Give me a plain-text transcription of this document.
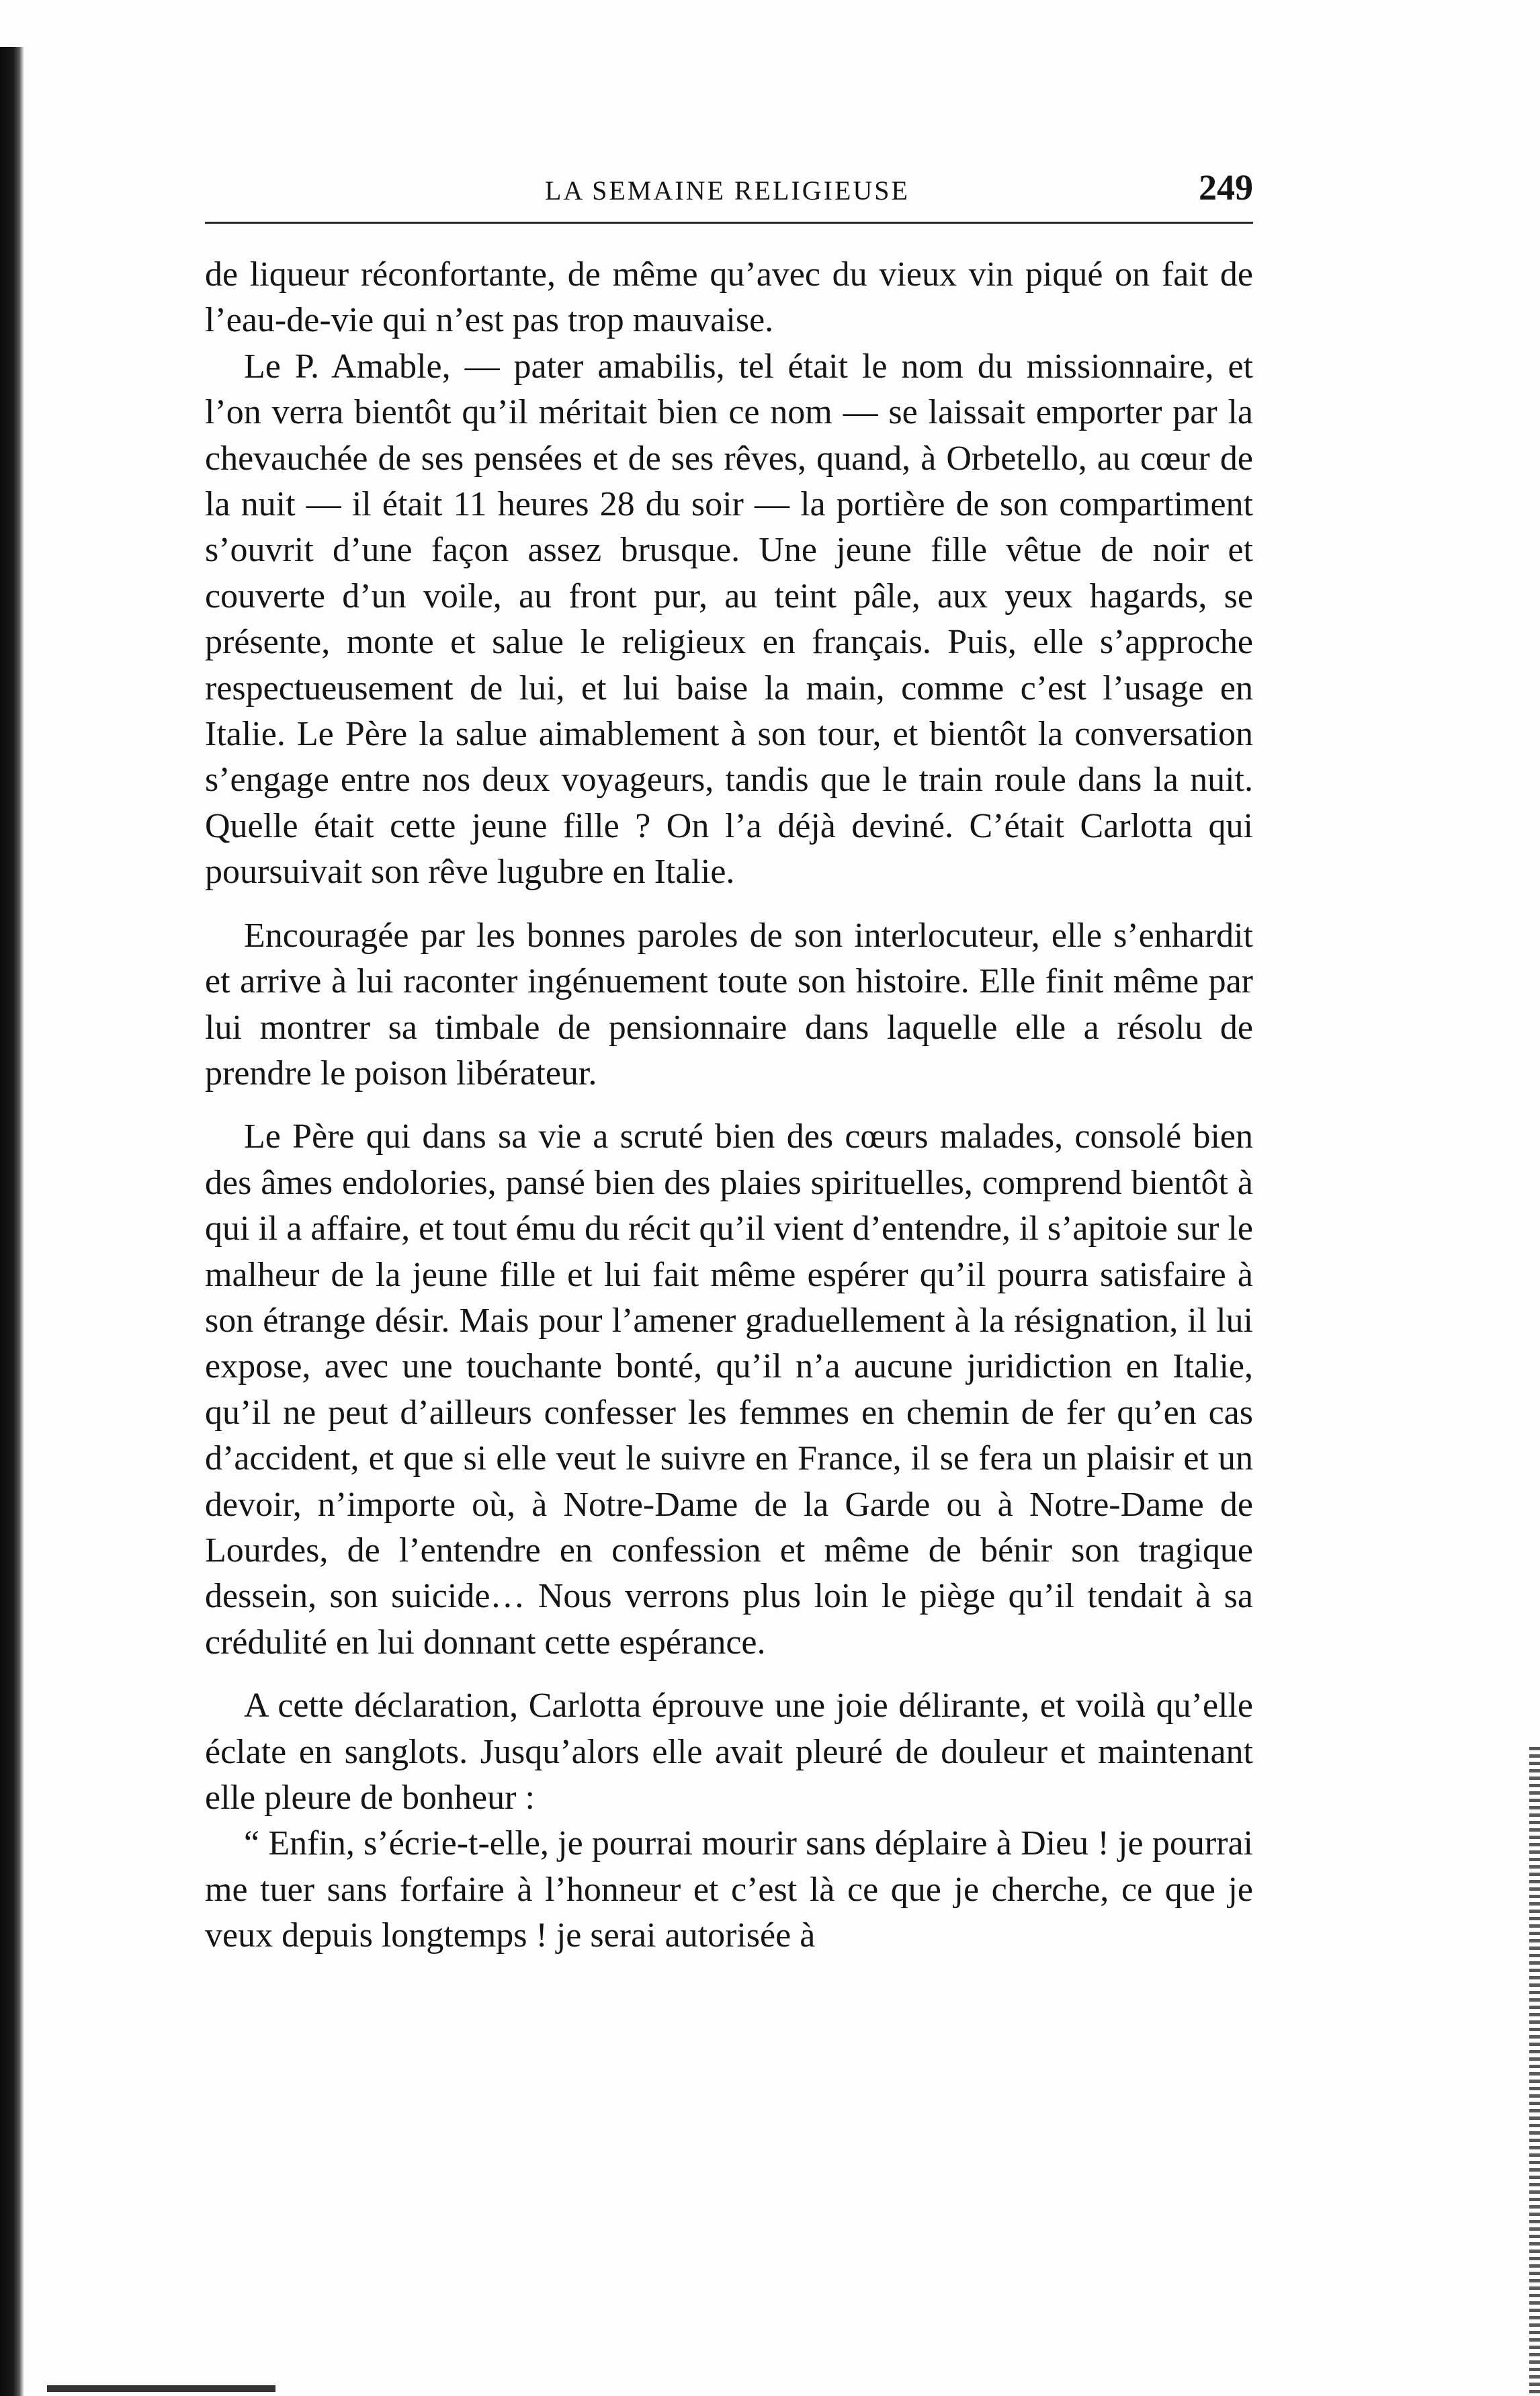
LA SEMAINE RELIGIEUSE	249

de liqueur réconfortante, de même qu’avec du vieux vin piqué on fait de l’eau-de-vie qui n’est pas trop mauvaise.

Le P. Amable, — pater amabilis, tel était le nom du missionnaire, et l’on verra bientôt qu’il méritait bien ce nom — se laissait emporter par la chevauchée de ses pensées et de ses rêves, quand, à Orbetello, au cœur de la nuit — il était 11 heures 28 du soir — la portière de son compartiment s’ouvrit d’une façon assez brusque. Une jeune fille vêtue de noir et couverte d’un voile, au front pur, au teint pâle, aux yeux hagards, se présente, monte et salue le religieux en français. Puis, elle s’approche respectueusement de lui, et lui baise la main, comme c’est l’usage en Italie. Le Père la salue aimablement à son tour, et bientôt la conversation s’engage entre nos deux voyageurs, tandis que le train roule dans la nuit. Quelle était cette jeune fille ? On l’a déjà deviné. C’était Carlotta qui poursuivait son rêve lugubre en Italie.

Encouragée par les bonnes paroles de son interlocuteur, elle s’enhardit et arrive à lui raconter ingénuement toute son histoire. Elle finit même par lui montrer sa timbale de pensionnaire dans laquelle elle a résolu de prendre le poison libérateur.

Le Père qui dans sa vie a scruté bien des cœurs malades, consolé bien des âmes endolories, pansé bien des plaies spirituelles, comprend bientôt à qui il a affaire, et tout ému du récit qu’il vient d’entendre, il s’apitoie sur le malheur de la jeune fille et lui fait même espérer qu’il pourra satisfaire à son étrange désir. Mais pour l’amener graduellement à la résignation, il lui expose, avec une touchante bonté, qu’il n’a aucune juridiction en Italie, qu’il ne peut d’ailleurs confesser les femmes en chemin de fer qu’en cas d’accident, et que si elle veut le suivre en France, il se fera un plaisir et un devoir, n’importe où, à Notre-Dame de la Garde ou à Notre-Dame de Lourdes, de l’entendre en confession et même de bénir son tragique dessein, son suicide… Nous verrons plus loin le piège qu’il tendait à sa crédulité en lui donnant cette espérance.

A cette déclaration, Carlotta éprouve une joie délirante, et voilà qu’elle éclate en sanglots. Jusqu’alors elle avait pleuré de douleur et maintenant elle pleure de bonheur :

“ Enfin, s’écrie-t-elle, je pourrai mourir sans déplaire à Dieu ! je pourrai me tuer sans forfaire à l’honneur et c’est là ce que je cherche, ce que je veux depuis longtemps ! je serai autorisée à
